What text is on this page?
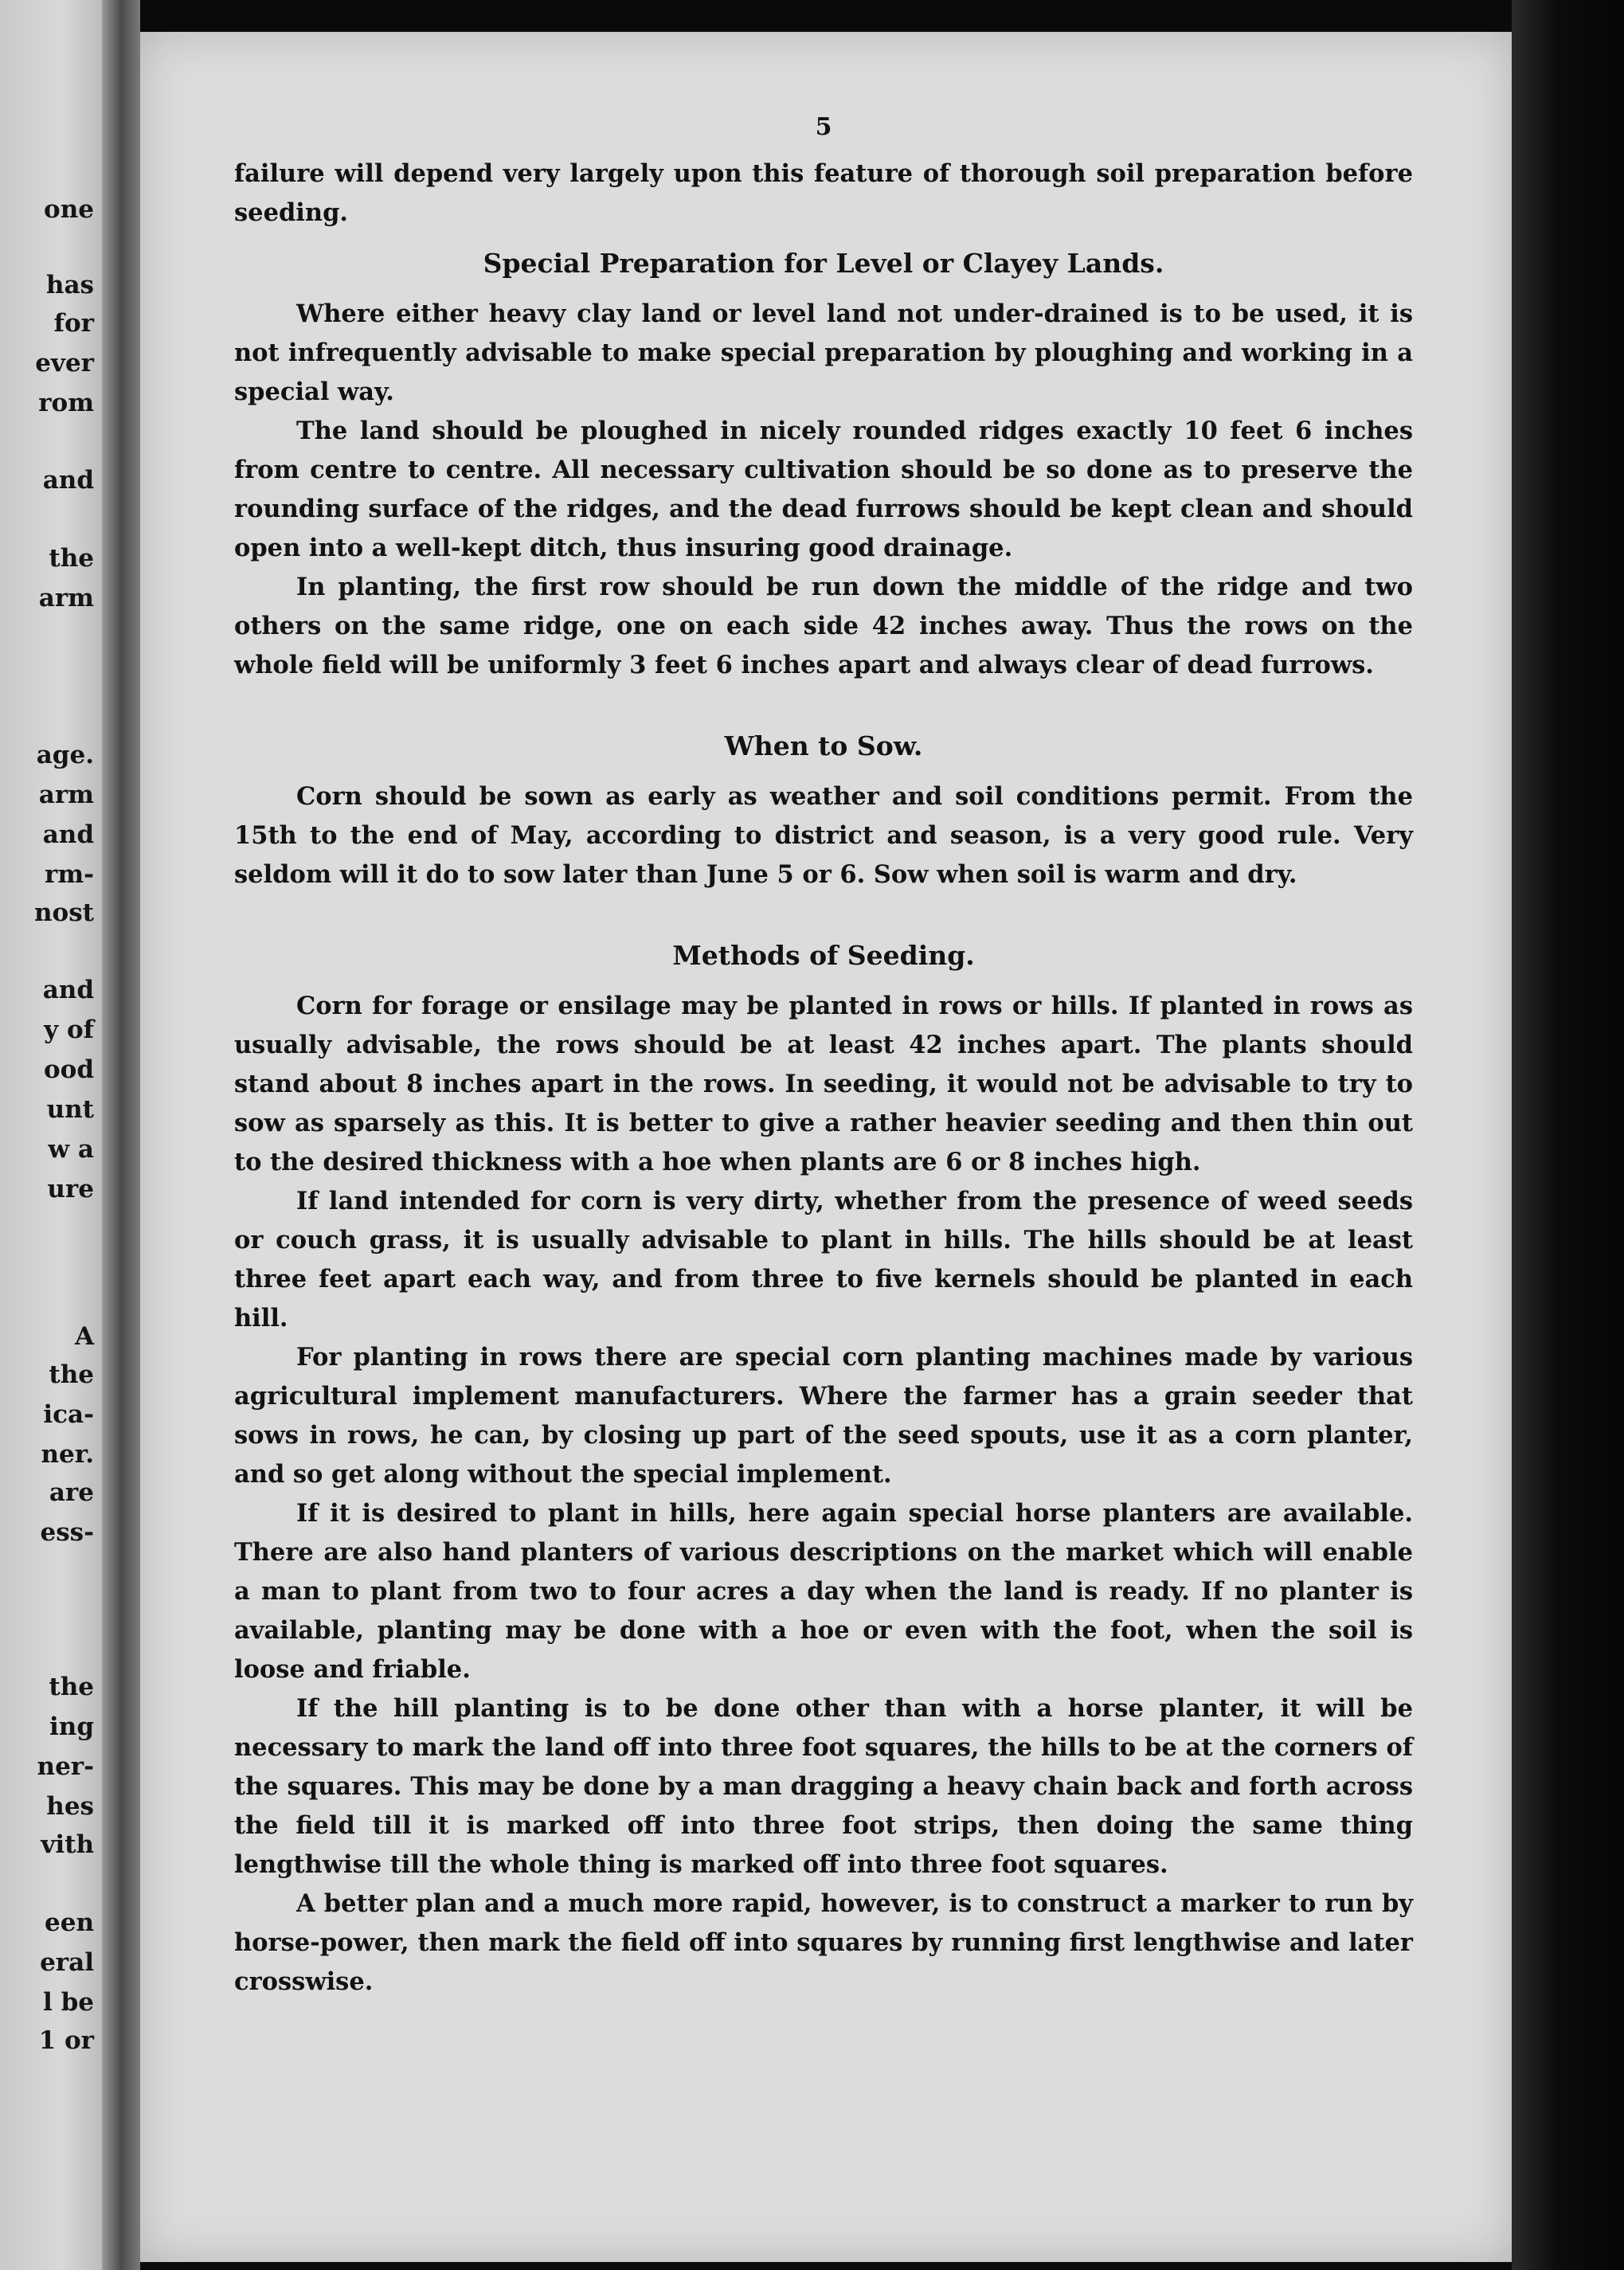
one
has
for
ever
rom
and
the
arm
age.
arm
and
rm-
nost
and
y of
ood
unt
w a
ure
A
the
ica-
ner.
are
ess-
the
ing
ner-
hes
vith
een
eral
l be
1 or
5

failure will depend very largely upon this feature of thorough soil preparation before seeding.

Special Preparation for Level or Clayey Lands.

Where either heavy clay land or level land not under-drained is to be used, it is not infrequently advisable to make special preparation by ploughing and working in a special way.

The land should be ploughed in nicely rounded ridges exactly 10 feet 6 inches from centre to centre. All necessary cultivation should be so done as to preserve the rounding surface of the ridges, and the dead furrows should be kept clean and should open into a well-kept ditch, thus insuring good drainage.

In planting, the first row should be run down the middle of the ridge and two others on the same ridge, one on each side 42 inches away. Thus the rows on the whole field will be uniformly 3 feet 6 inches apart and always clear of dead furrows.

When to Sow.

Corn should be sown as early as weather and soil conditions permit. From the 15th to the end of May, according to district and season, is a very good rule. Very seldom will it do to sow later than June 5 or 6. Sow when soil is warm and dry.

Methods of Seeding.

Corn for forage or ensilage may be planted in rows or hills. If planted in rows as usually advisable, the rows should be at least 42 inches apart. The plants should stand about 8 inches apart in the rows. In seeding, it would not be advisable to try to sow as sparsely as this. It is better to give a rather heavier seeding and then thin out to the desired thickness with a hoe when plants are 6 or 8 inches high.

If land intended for corn is very dirty, whether from the presence of weed seeds or couch grass, it is usually advisable to plant in hills. The hills should be at least three feet apart each way, and from three to five kernels should be planted in each hill.

For planting in rows there are special corn planting machines made by various agricultural implement manufacturers. Where the farmer has a grain seeder that sows in rows, he can, by closing up part of the seed spouts, use it as a corn planter, and so get along without the special implement.

If it is desired to plant in hills, here again special horse planters are available. There are also hand planters of various descriptions on the market which will enable a man to plant from two to four acres a day when the land is ready. If no planter is available, planting may be done with a hoe or even with the foot, when the soil is loose and friable.

If the hill planting is to be done other than with a horse planter, it will be necessary to mark the land off into three foot squares, the hills to be at the corners of the squares. This may be done by a man dragging a heavy chain back and forth across the field till it is marked off into three foot strips, then doing the same thing lengthwise till the whole thing is marked off into three foot squares.

A better plan and a much more rapid, however, is to construct a marker to run by horse-power, then mark the field off into squares by running first lengthwise and later crosswise.
